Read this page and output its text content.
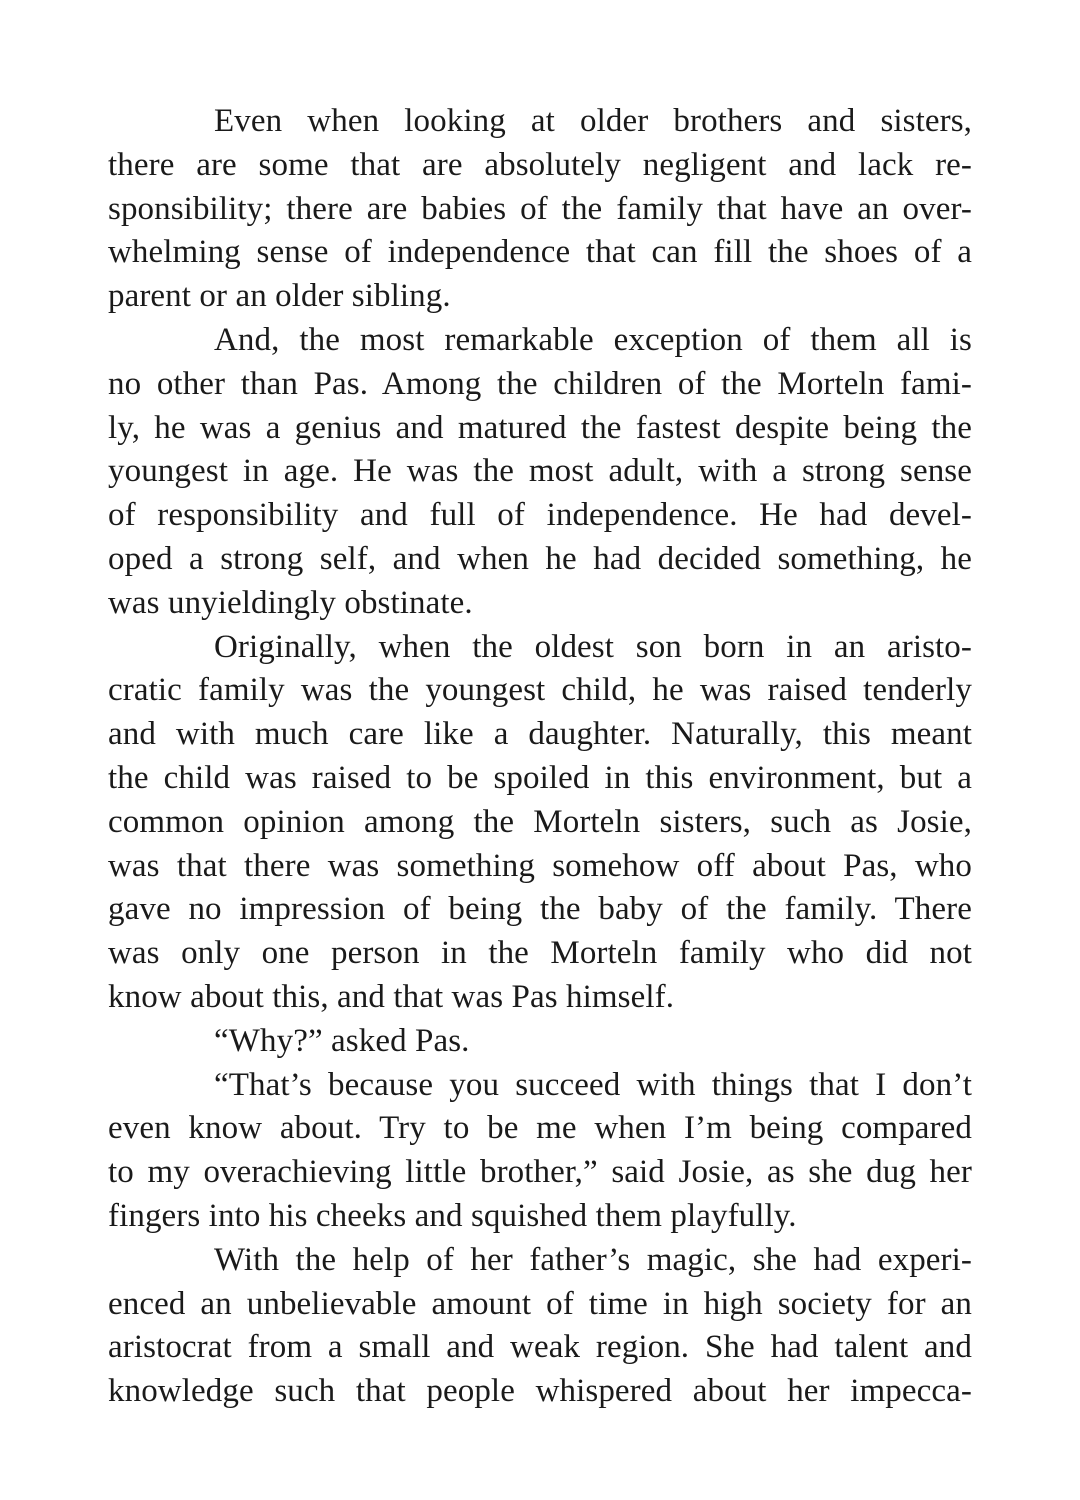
Even when looking at older brothers and sisters,
there are some that are absolutely negligent and lack re-
sponsibility; there are babies of the family that have an over-
whelming sense of independence that can fill the shoes of a
parent or an older sibling.
And, the most remarkable exception of them all is
no other than Pas. Among the children of the Morteln fami-
ly, he was a genius and matured the fastest despite being the
youngest in age. He was the most adult, with a strong sense
of responsibility and full of independence. He had devel-
oped a strong self, and when he had decided something, he
was unyieldingly obstinate.
Originally, when the oldest son born in an aristo-
cratic family was the youngest child, he was raised tenderly
and with much care like a daughter. Naturally, this meant
the child was raised to be spoiled in this environment, but a
common opinion among the Morteln sisters, such as Josie,
was that there was something somehow off about Pas, who
gave no impression of being the baby of the family. There
was only one person in the Morteln family who did not
know about this, and that was Pas himself.
“Why?” asked Pas.
“That’s because you succeed with things that I don’t
even know about. Try to be me when I’m being compared
to my overachieving little brother,” said Josie, as she dug her
fingers into his cheeks and squished them playfully.
With the help of her father’s magic, she had experi-
enced an unbelievable amount of time in high society for an
aristocrat from a small and weak region. She had talent and
knowledge such that people whispered about her impecca-
